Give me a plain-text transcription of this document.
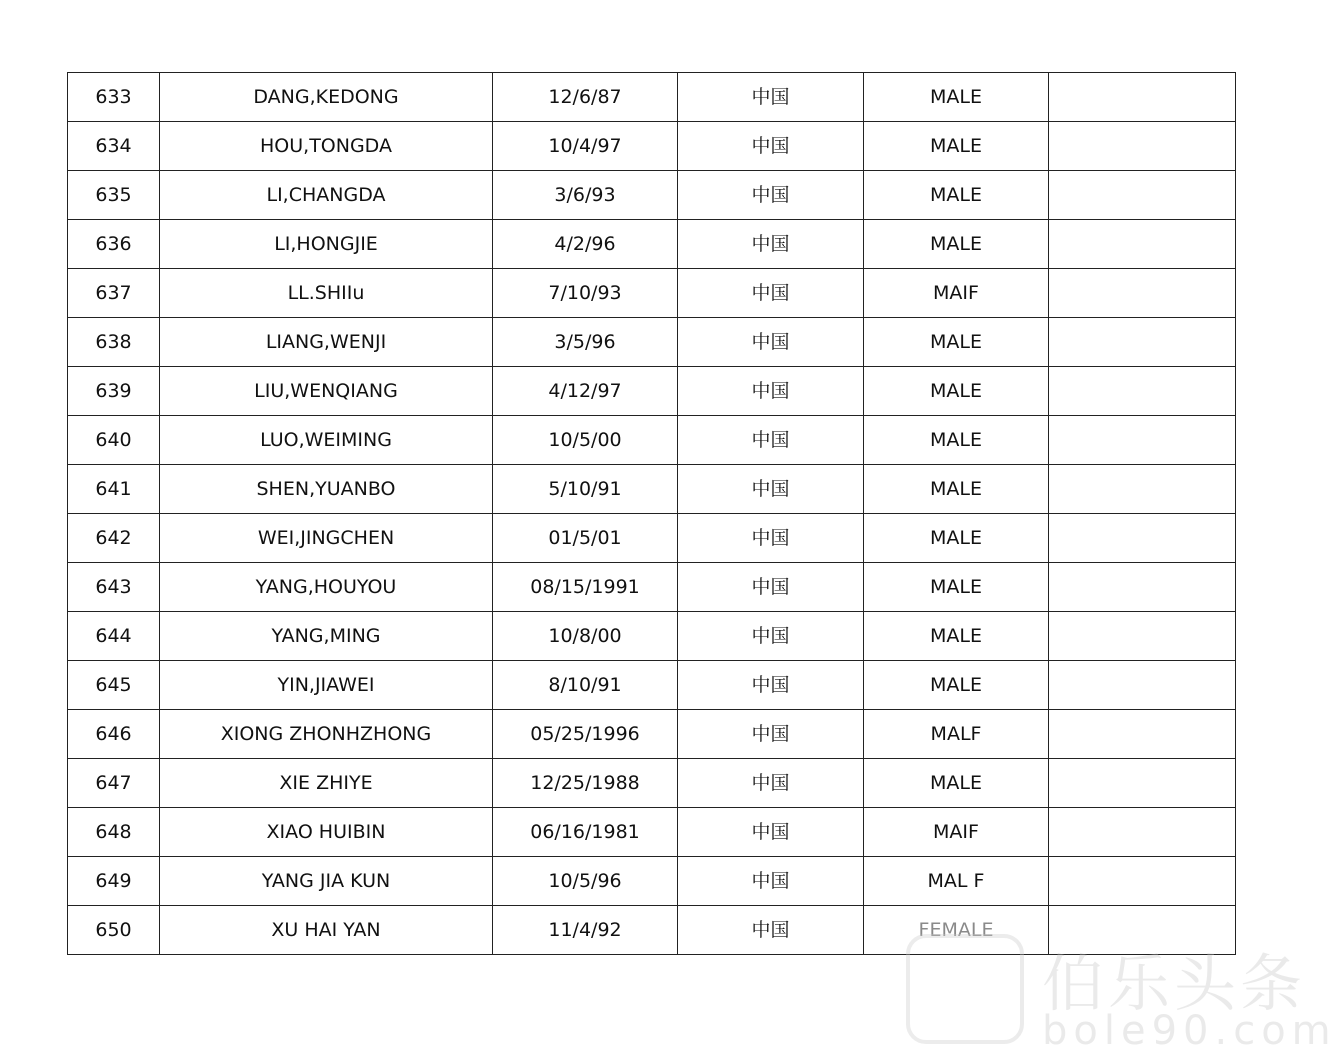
633	DANG,KEDONG	12/6/87	中国	MALE	
634	HOU,TONGDA	10/4/97	中国	MALE	
635	LI,CHANGDA	3/6/93	中国	MALE	
636	LI,HONGJIE	4/2/96	中国	MALE	
637	LL.SHIIu	7/10/93	中国	MAIF	
638	LIANG,WENJI	3/5/96	中国	MALE	
639	LIU,WENQIANG	4/12/97	中国	MALE	
640	LUO,WEIMING	10/5/00	中国	MALE	
641	SHEN,YUANBO	5/10/91	中国	MALE	
642	WEI,JINGCHEN	01/5/01	中国	MALE	
643	YANG,HOUYOU	08/15/1991	中国	MALE	
644	YANG,MING	10/8/00	中国	MALE	
645	YIN,JIAWEI	8/10/91	中国	MALE	
646	XIONG ZHONHZHONG	05/25/1996	中国	MALF	
647	XIE ZHIYE	12/25/1988	中国	MALE	
648	XIAO HUIBIN	06/16/1981	中国	MAIF	
649	YANG JIA KUN	10/5/96	中国	MAL F	
650	XU HAI YAN	11/4/92	中国	FEMALE	
伯乐头条
bole90.com
